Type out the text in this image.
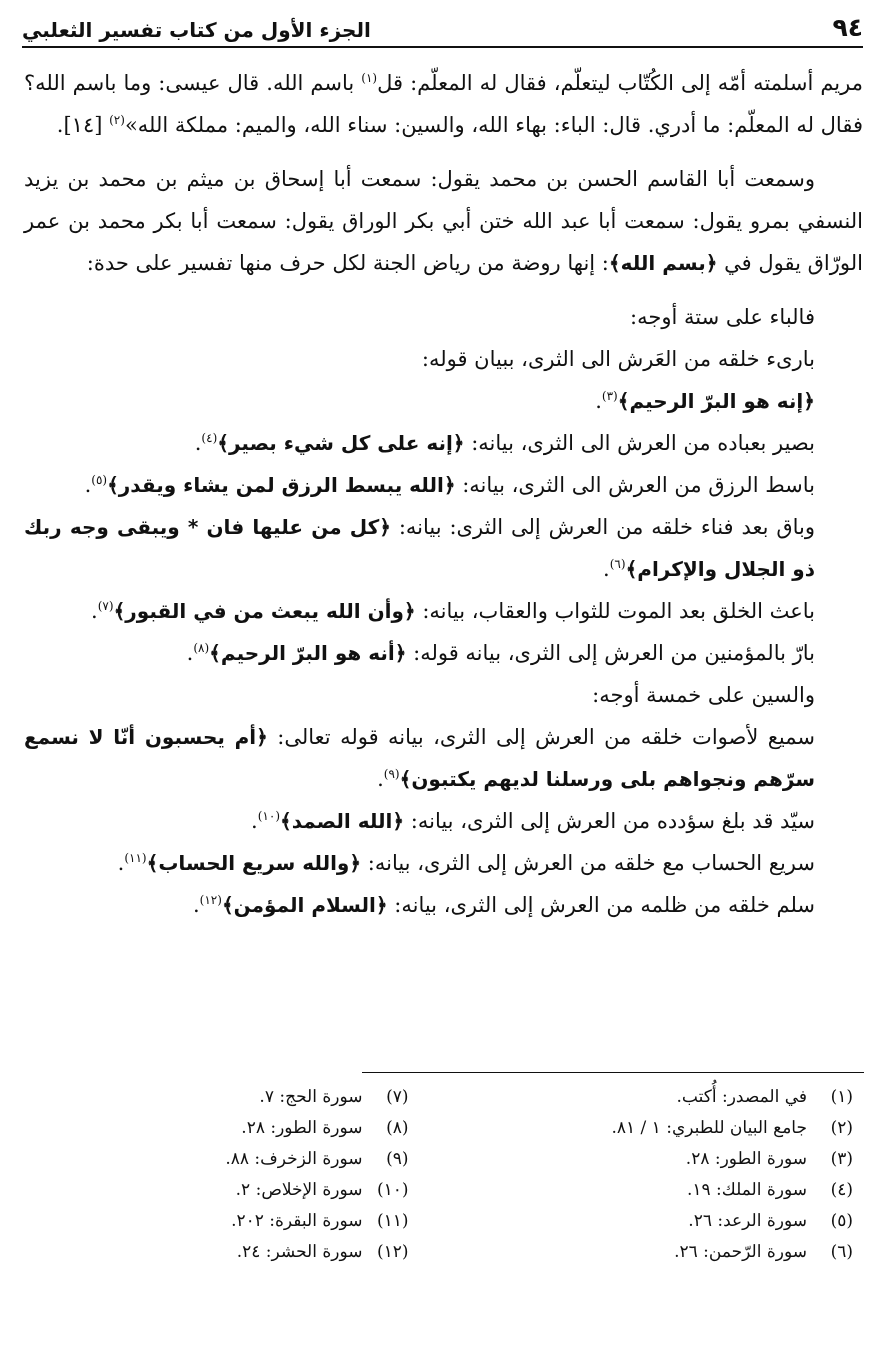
٩٤
الجزء الأول من كتاب تفسير الثعلبي

مريم أسلمته أمّه إلى الكُتّاب ليتعلّم، فقال له المعلّم: قل$^{(١)}$ باسم الله. قال عيسى: وما باسم الله؟ فقال له المعلّم: ما أدري. قال: الباء: بهاء الله، والسين: سناء الله، والميم: مملكة الله»$^{(٢)}$ [١٤].

وسمعت أبا القاسم الحسن بن محمد يقول: سمعت أبا إسحاق بن ميثم بن محمد بن يزيد النسفي بمرو يقول: سمعت أبا عبد الله ختن أبي بكر الوراق يقول: سمعت أبا بكر محمد بن عمر الورّاق يقول في ﴿بسم الله﴾: إنها روضة من رياض الجنة لكل حرف منها تفسير على حدة:

فالباء على ستة أوجه:
بارىء خلقه من العَرش الى الثرى، ببيان قوله:
﴿إنه هو البرّ الرحيم﴾$^{(٣)}$.
بصير بعباده من العرش الى الثرى، بيانه: ﴿إنه على كل شيء بصير﴾$^{(٤)}$.
باسط الرزق من العرش الى الثرى، بيانه: ﴿الله يبسط الرزق لمن يشاء ويقدر﴾$^{(٥)}$.
وباق بعد فناء خلقه من العرش إلى الثرى: بيانه: ﴿كل من عليها فان * ويبقى وجه ربك ذو الجلال والإكرام﴾$^{(٦)}$.
باعث الخلق بعد الموت للثواب والعقاب، بيانه: ﴿وأن الله يبعث من في القبور﴾$^{(٧)}$.
بارّ بالمؤمنين من العرش إلى الثرى، بيانه قوله: ﴿أنه هو البرّ الرحيم﴾$^{(٨)}$.
والسين على خمسة أوجه:
سميع لأصوات خلقه من العرش إلى الثرى، بيانه قوله تعالى: ﴿أم يحسبون أنّا لا نسمع سرّهم ونجواهم بلى ورسلنا لديهم يكتبون﴾$^{(٩)}$.
سيّد قد بلغ سؤدده من العرش إلى الثرى، بيانه: ﴿الله الصمد﴾$^{(١٠)}$.
سريع الحساب مع خلقه من العرش إلى الثرى، بيانه: ﴿والله سريع الحساب﴾$^{(١١)}$.
سلم خلقه من ظلمه من العرش إلى الثرى، بيانه: ﴿السلام المؤمن﴾$^{(١٢)}$.
(١)
في المصدر: أُكتب.
(٢)
جامع البيان للطبري: ١ / ٨١.
(٣)
سورة الطور: ٢٨.
(٤)
سورة الملك: ١٩.
(٥)
سورة الرعد: ٢٦.
(٦)
سورة الرّحمن: ٢٦.
(٧)
سورة الحج: ٧.
(٨)
سورة الطور: ٢٨.
(٩)
سورة الزخرف: ٨٨.
(١٠)
سورة الإخلاص: ٢.
(١١)
سورة البقرة: ٢٠٢.
(١٢)
سورة الحشر: ٢٤.
